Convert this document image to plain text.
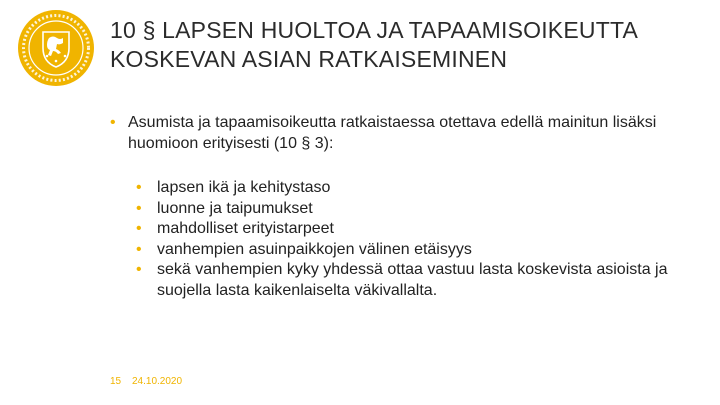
10 § LAPSEN HUOLTOA JA TAPAAMISOIKEUTTA
KOSKEVAN ASIAN RATKAISEMINEN
• Asumista ja tapaamisoikeutta ratkaistaessa otettava edellä mainitun lisäksi huomioon erityisesti (10 § 3):
• lapsen ikä ja kehitystaso
• luonne ja taipumukset
• mahdolliset erityistarpeet
• vanhempien asuinpaikkojen välinen etäisyys
• sekä vanhempien kyky yhdessä ottaa vastuu lasta koskevista asioista ja suojella lasta kaikenlaiselta väkivallalta.
15 24.10.2020
